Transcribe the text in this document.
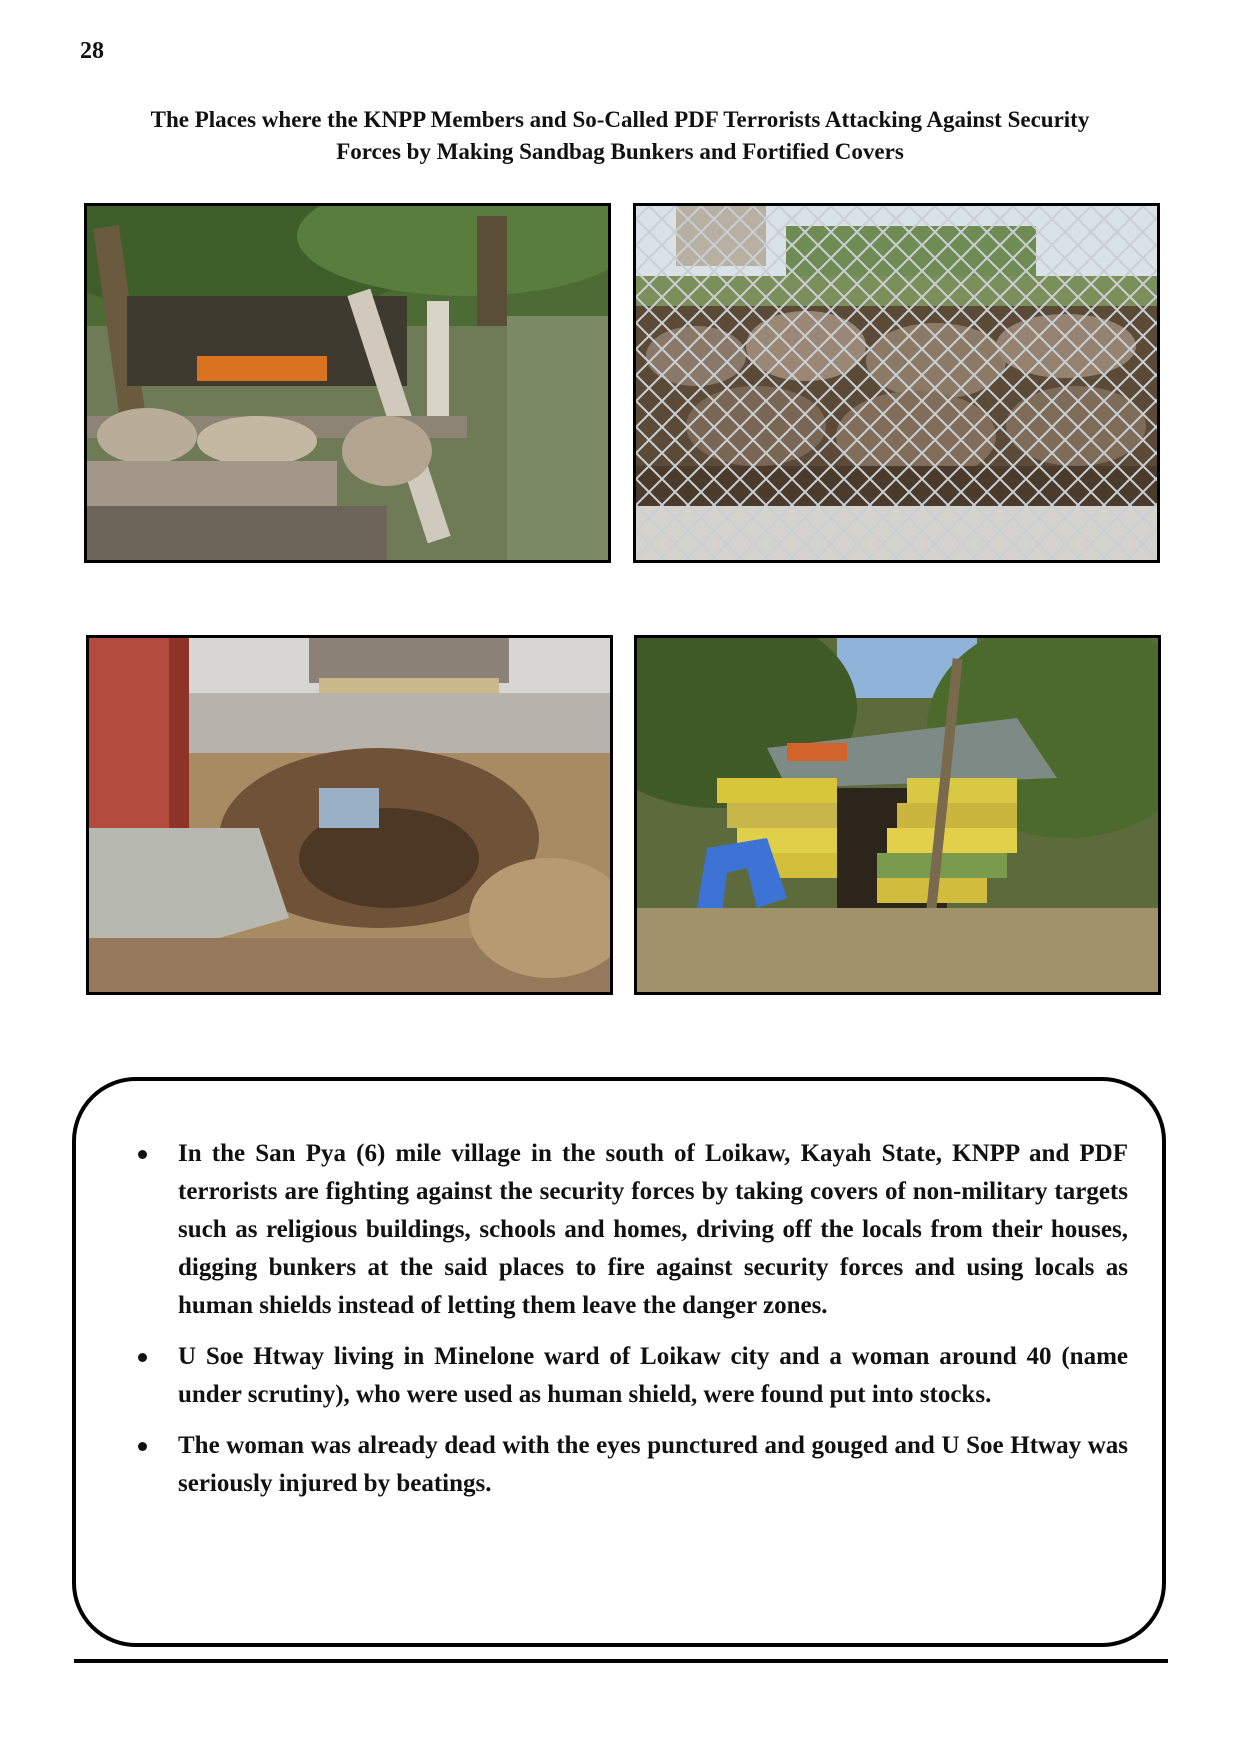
28
The Places where the KNPP Members and So-Called PDF Terrorists Attacking Against Security
Forces by Making Sandbag Bunkers and Fortified Covers
In the San Pya (6) mile village in the south of Loikaw, Kayah State, KNPP and PDF terrorists are fighting against the security forces by taking covers of non-military targets such as religious buildings, schools and homes, driving off the locals from their houses, digging bunkers at the said places to fire against security forces and using locals as human shields instead of letting them leave the danger zones.
U Soe Htway living in Minelone ward of Loikaw city and a woman around 40 (name under scrutiny), who were used as human shield, were found put into stocks.
The woman was already dead with the eyes punctured and gouged and U Soe Htway was seriously injured by beatings.
